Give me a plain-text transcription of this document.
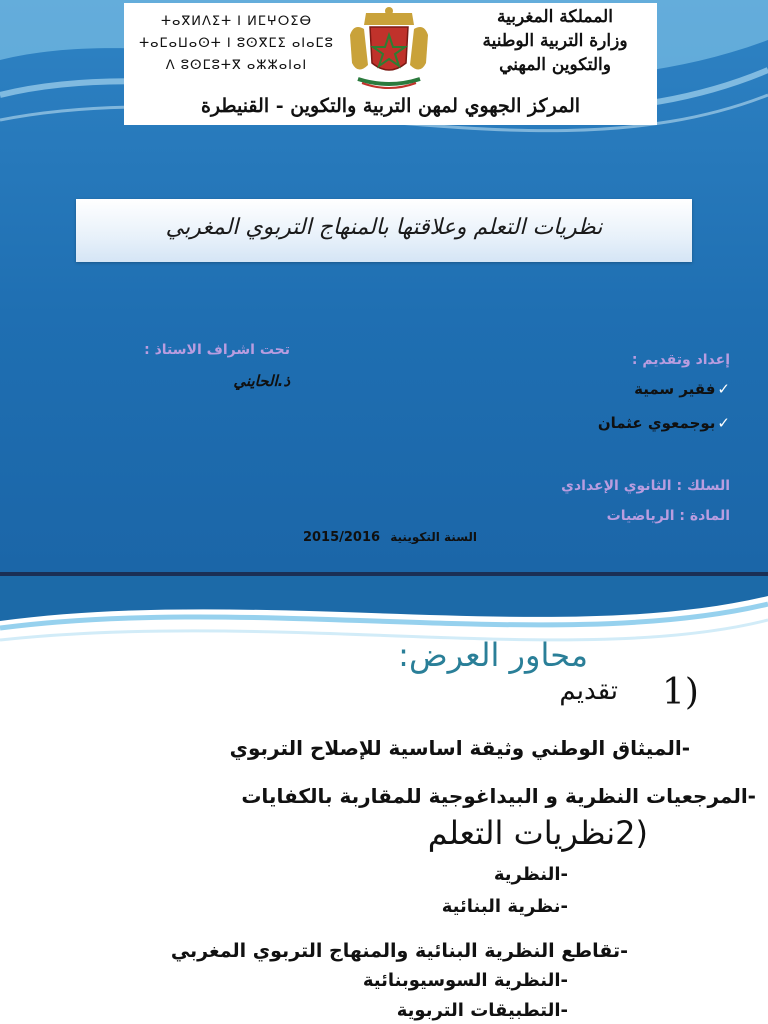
ⵜⴰⴳⵍⴷⵉⵜ ⵏ ⵍⵎⵖⵔⵉⴱ
ⵜⴰⵎⴰⵡⴰⵙⵜ ⵏ ⵓⵙⴳⵎⵉ ⴰⵏⴰⵎⵓ
ⴷ ⵓⵙⵎⵓⵜⴳ ⴰⵣⵣⴰⵏⴰⵏ
المملكة المغربية
وزارة التربية الوطنية
والتكوين المهني
المركز الجهوي لمهن التربية والتكوين - القنيطرة
نظريات التعلم وعلاقتها بالمنهاج التربوي المغربي
تحت اشراف الاستاذ :
ذ.الحايني
إعداد وتقديم :
✓فقير سمية
✓بوجمعوي عثمان
السلك : الثانوي الإعدادي
المادة : الرياضيات
2015/2016 السنة التكوينية
محاور العرض:
1)
تقديم
-الميثاق الوطني وثيقة اساسية للإصلاح التربوي
-المرجعيات النظرية و البيداغوجية للمقاربة بالكفايات
(2نظريات التعلم
-النظرية
-نظرية البنائية
-تقاطع النظرية البنائية والمنهاج التربوي المغربي
-النظرية السوسيوبنائية
-التطبيقات التربوية
